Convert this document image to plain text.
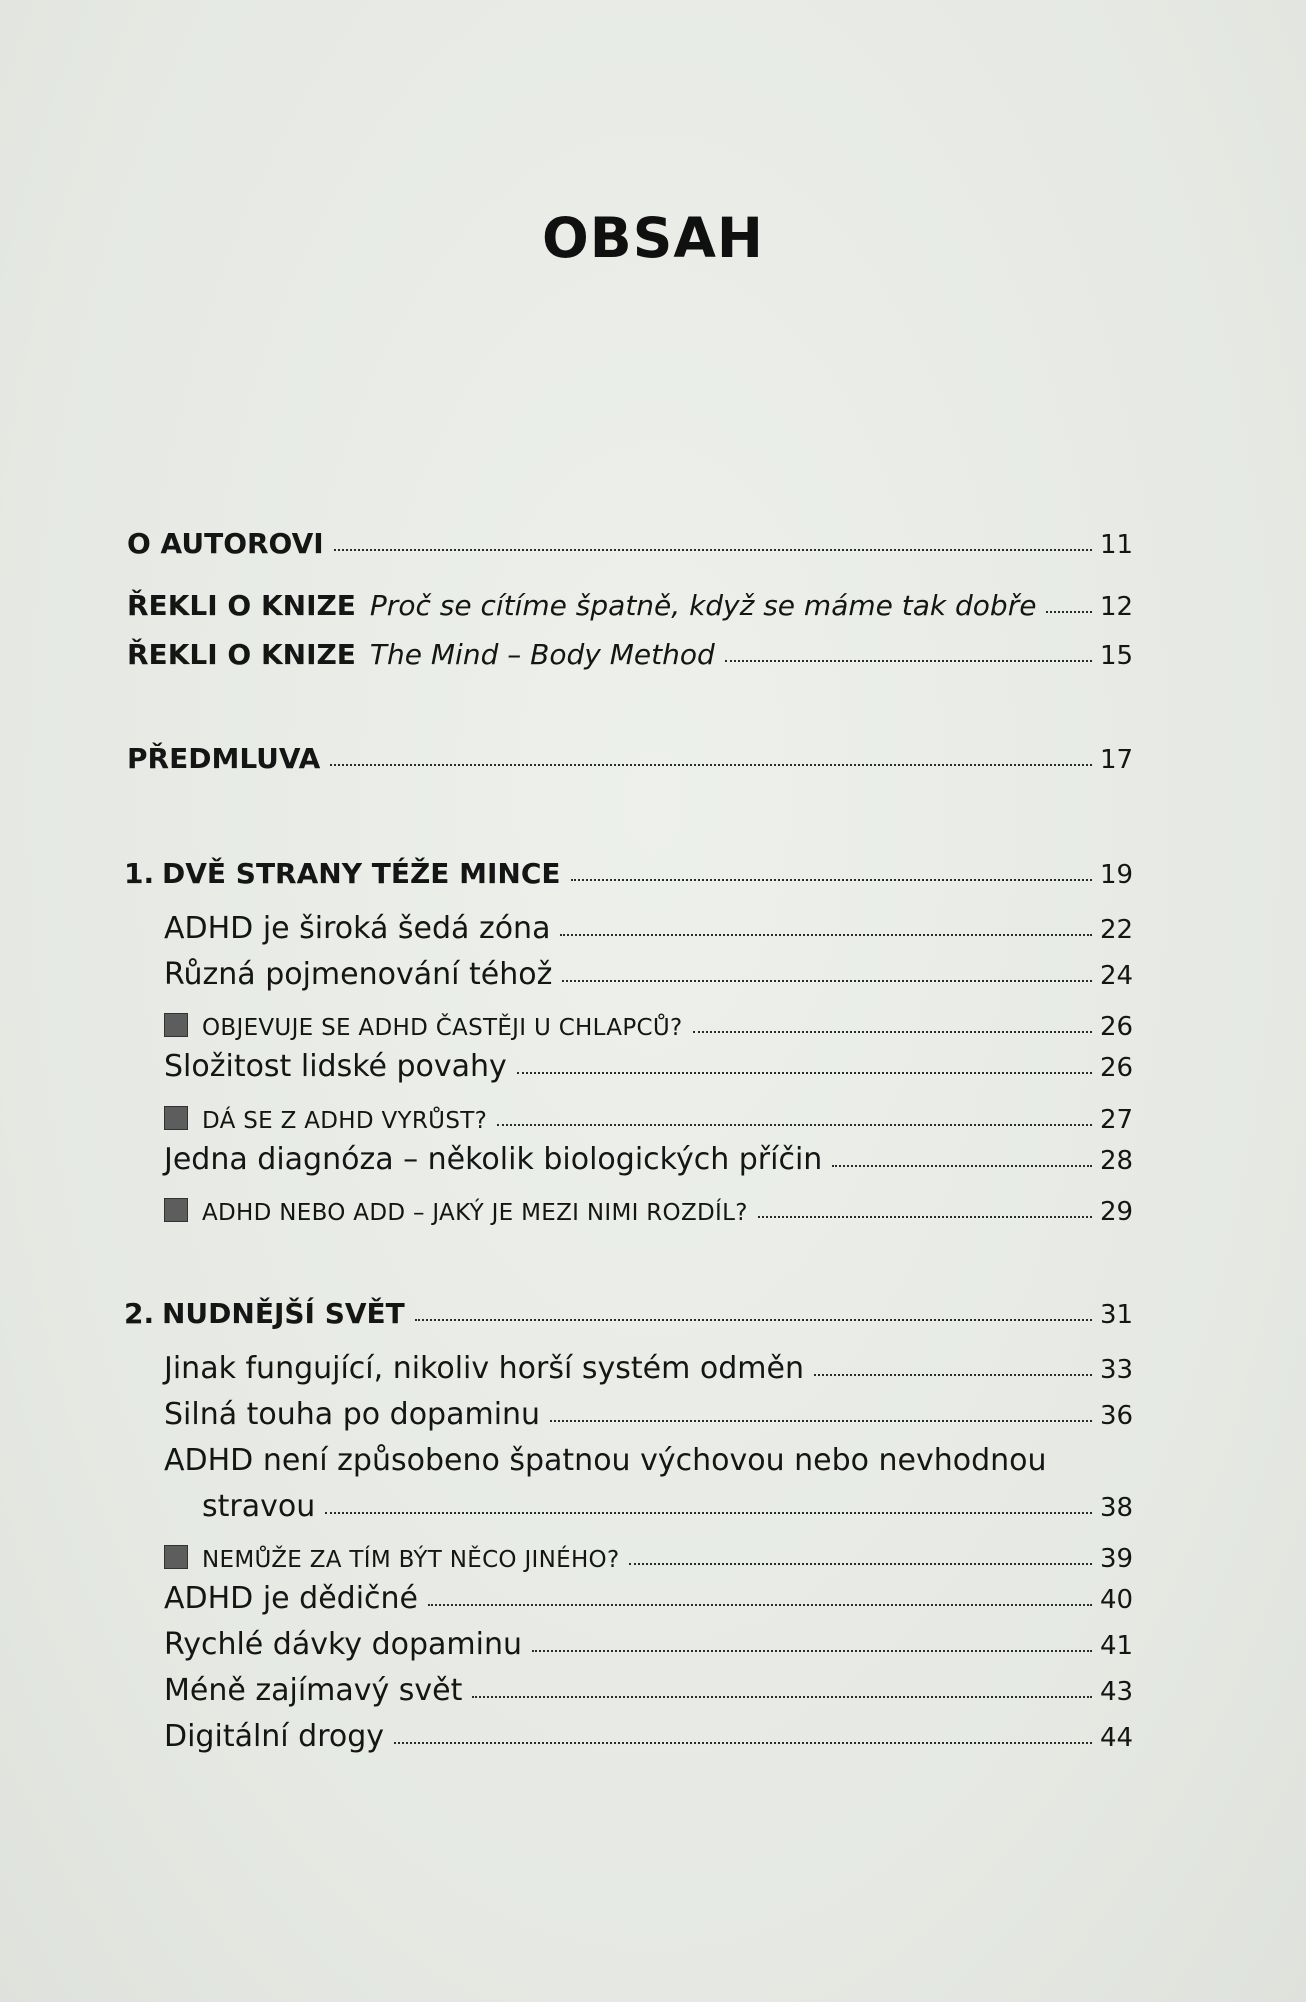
OBSAH
O AUTOROVI	11
ŘEKLI O KNIZE Proč se cítíme špatně, když se máme tak dobře 12
ŘEKLI O KNIZE The Mind – Body Method	15
PŘEDMLUVA	17
1. DVĚ STRANY TÉŽE MINCE	19
ADHD je široká šedá zóna	22
Různá pojmenování téhož	24
OBJEVUJE SE ADHD ČASTĚJI U CHLAPCŮ?	26
Složitost lidské povahy	26
DÁ SE Z ADHD VYRŮST?	27
Jedna diagnóza – několik biologických příčin	28
ADHD NEBO ADD – JAKÝ JE MEZI NIMI ROZDÍL?	29
2. NUDNĚJŠÍ SVĚT	31
Jinak fungující, nikoliv horší systém odměn	33
Silná touha po dopaminu	36
ADHD není způsobeno špatnou výchovou nebo nevhodnou
stravou	38
NEMŮŽE ZA TÍM BÝT NĚCO JINÉHO?	39
ADHD je dědičné	40
Rychlé dávky dopaminu	41
Méně zajímavý svět	43
Digitální drogy	44
